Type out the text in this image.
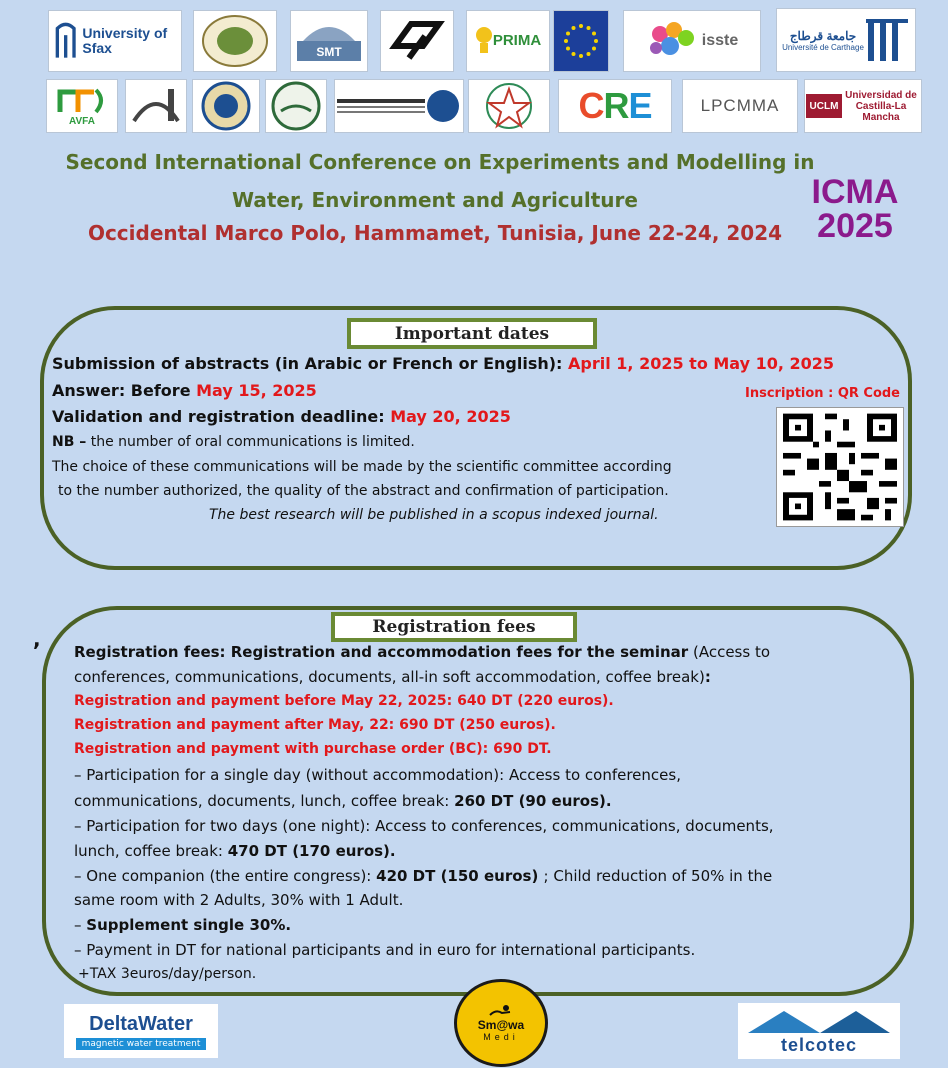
University of Sfax	SMT
PRIMA	isste	جامعة قرطاج
Université de Carthage
AVFA	CRE	LPCMMA	UCLM
Universidad de Castilla-La Mancha
Second International Conference on Experiments and Modelling in
Water, Environment and Agriculture
Occidental Marco Polo, Hammamet, Tunisia, June 22-24, 2024
ICMA
2025
Important dates
Submission of abstracts (in Arabic or French or English): April 1, 2025 to May 10, 2025
Answer: Before May 15, 2025
Validation and registration deadline: May 20, 2025
NB – the number of oral communications is limited.
The choice of these communications will be made by the scientific committee according
to the number authorized, the quality of the abstract and confirmation of participation.
The best research will be published in a scopus indexed journal.
Inscription : QR Code
,	Registration fees
Registration fees: Registration and accommodation fees for the seminar (Access to
conferences, communications, documents, all-in soft accommodation, coffee break):
Registration and payment before May 22, 2025: 640 DT (220 euros).
Registration and payment after May, 22: 690 DT (250 euros).
Registration and payment with purchase order (BC): 690 DT.
– Participation for a single day (without accommodation): Access to conferences,
communications, documents, lunch, coffee break: 260 DT (90 euros).
– Participation for two days (one night): Access to conferences, communications, documents,
lunch, coffee break: 470 DT (170 euros).
– One companion (the entire congress): 420 DT (150 euros) ; Child reduction of 50% in the
same room with 2 Adults, 30% with 1 Adult.
– Supplement single 30%.
– Payment in DT for national participants and in euro for international participants.
+TAX 3euros/day/person.
DeltaWater
magnetic water treatment
Sm@wa
Medi	telcotec
